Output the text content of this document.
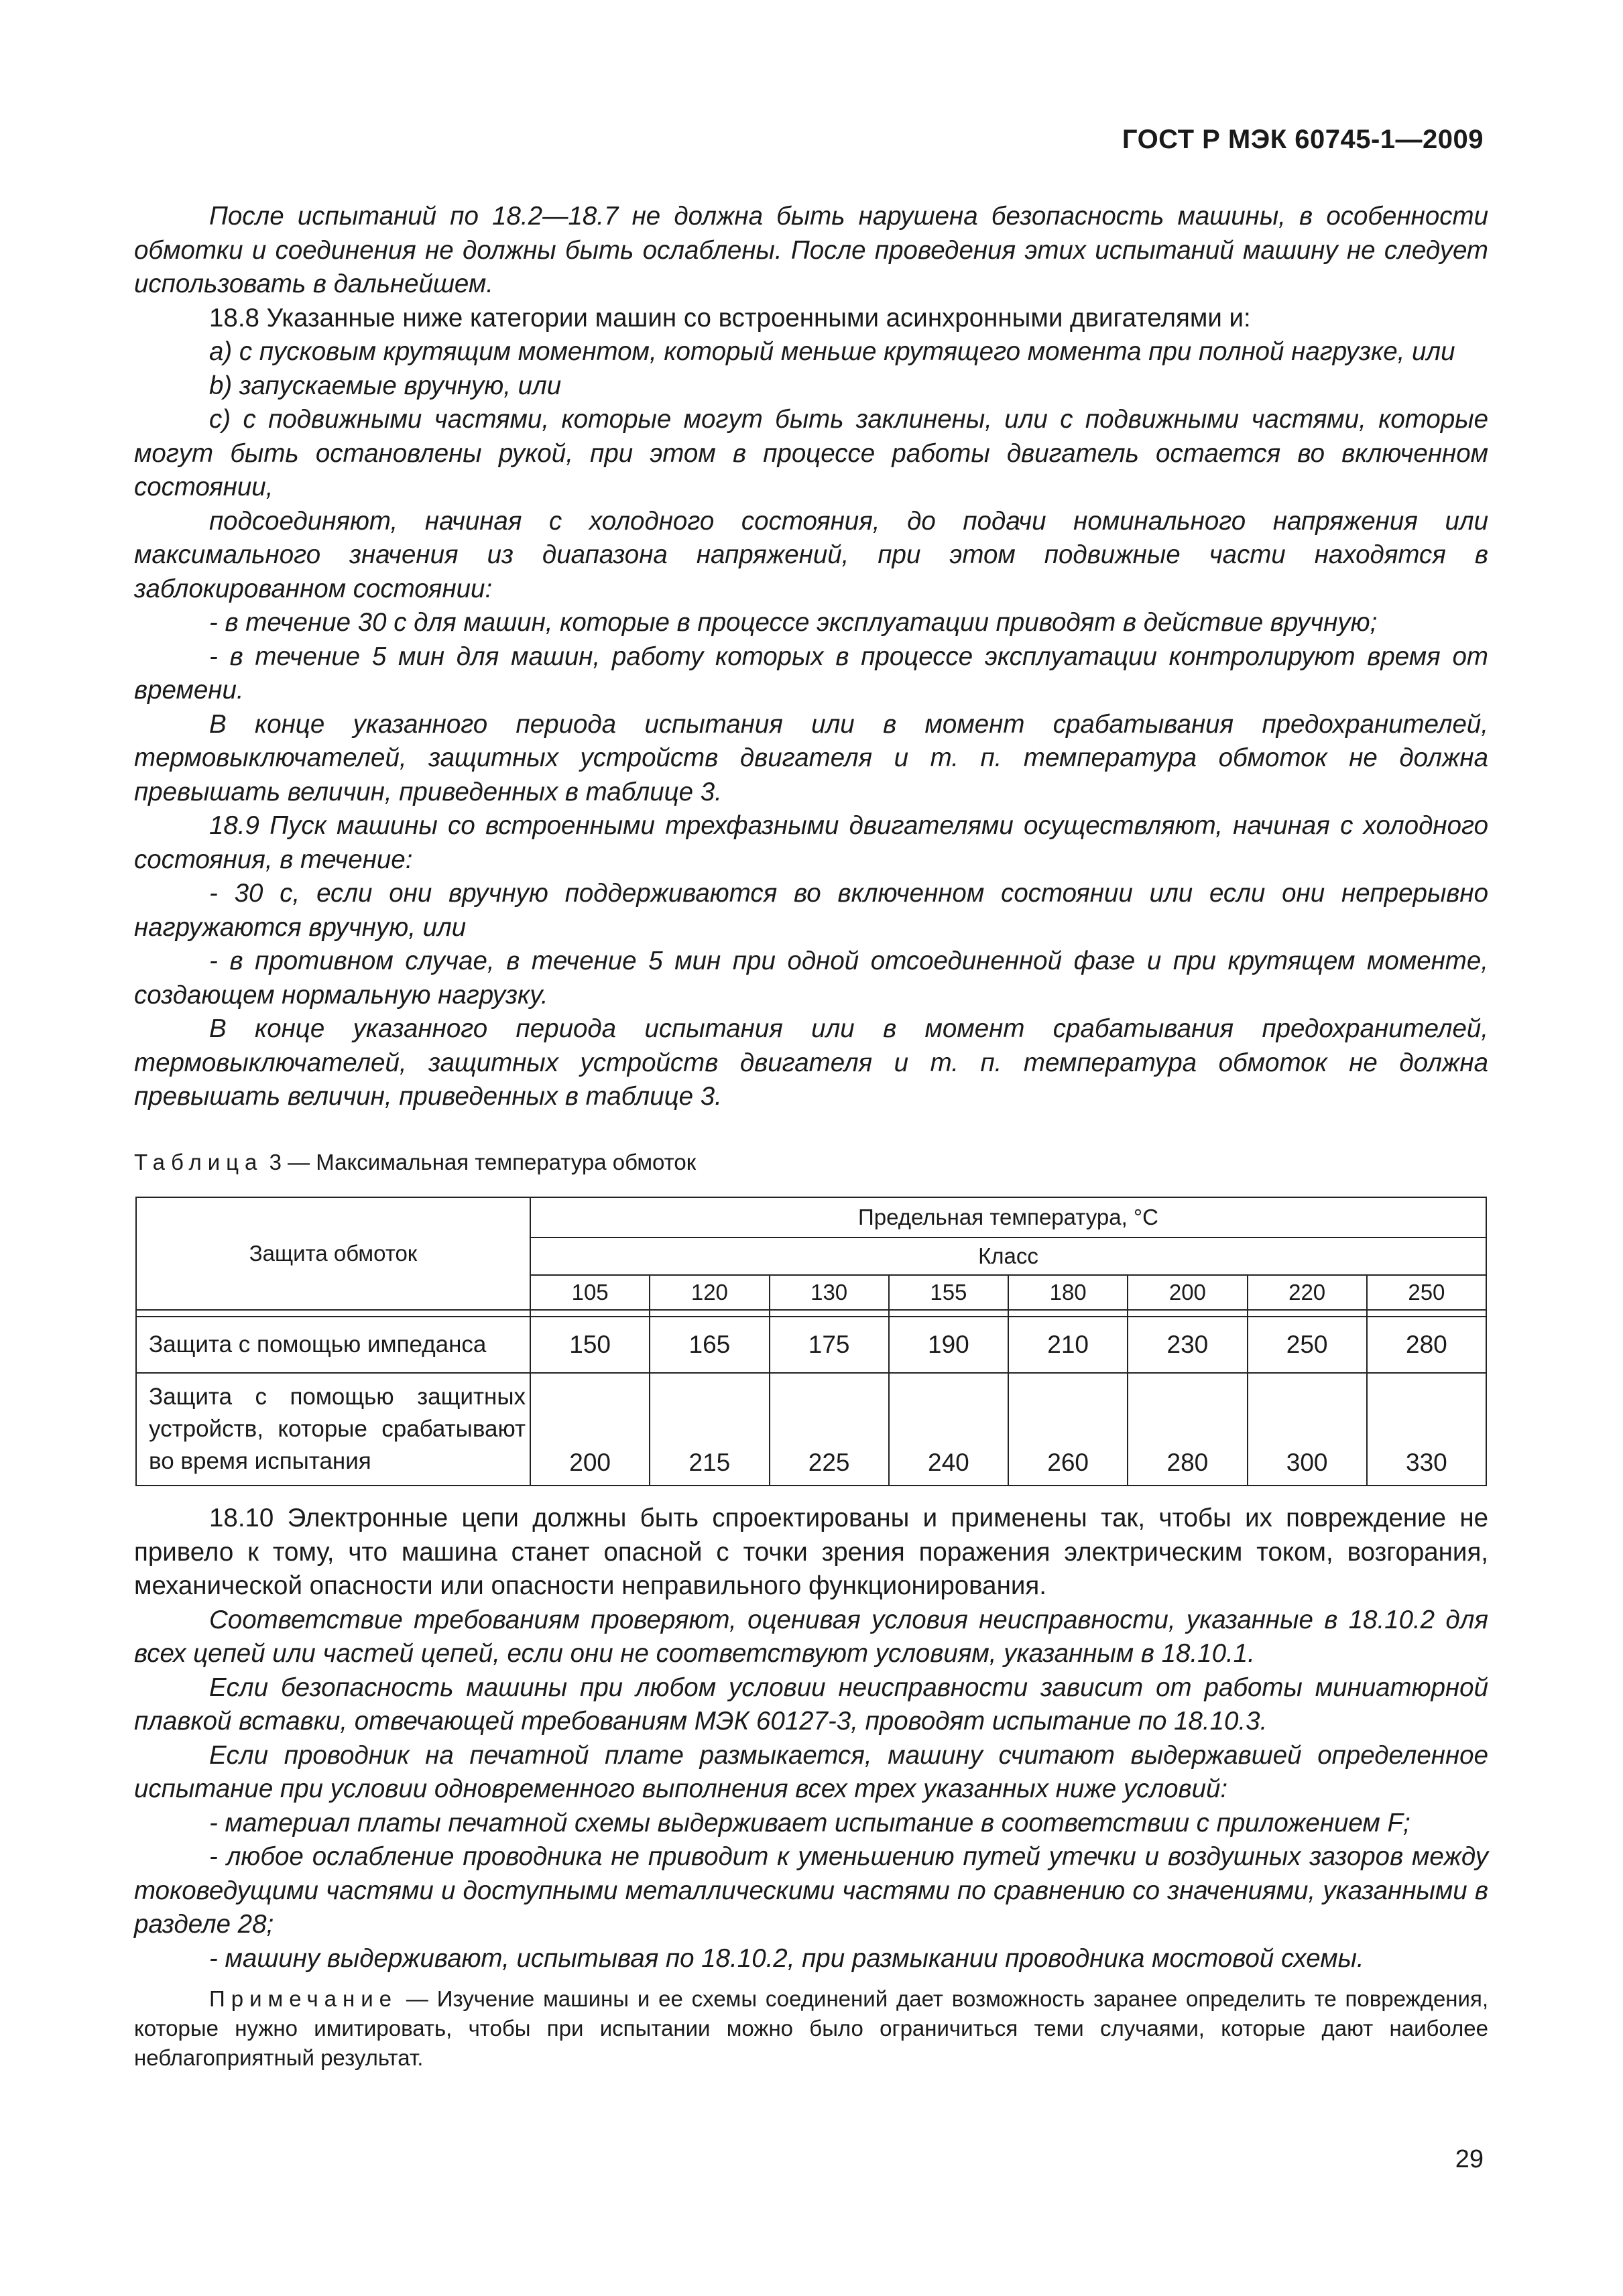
ГОСТ Р МЭК 60745-1—2009

После испытаний по 18.2—18.7 не должна быть нарушена безопасность машины, в особенности обмотки и соединения не должны быть ослаблены. После проведения этих испытаний машину не следует использовать в дальнейшем.

18.8 Указанные ниже категории машин со встроенными асинхронными двигателями и:

a) с пусковым крутящим моментом, который меньше крутящего момента при полной нагрузке, или

b) запускаемые вручную, или

c) с подвижными частями, которые могут быть заклинены, или с подвижными частями, которые могут быть остановлены рукой, при этом в процессе работы двигатель остается во включенном состоянии,

подсоединяют, начиная с холодного состояния, до подачи номинального напряжения или максимального значения из диапазона напряжений, при этом подвижные части находятся в заблокированном состоянии:

- в течение 30 с для машин, которые в процессе эксплуатации приводят в действие вручную;

- в течение 5 мин для машин, работу которых в процессе эксплуатации контролируют время от времени.

В конце указанного периода испытания или в момент срабатывания предохранителей, термовыключателей, защитных устройств двигателя и т. п. температура обмоток не должна превышать величин, приведенных в таблице 3.

18.9 Пуск машины со встроенными трехфазными двигателями осуществляют, начиная с холодного состояния, в течение:

- 30 с, если они вручную поддерживаются во включенном состоянии или если они непрерывно нагружаются вручную, или

- в противном случае, в течение 5 мин при одной отсоединенной фазе и при крутящем моменте, создающем нормальную нагрузку.

В конце указанного периода испытания или в момент срабатывания предохранителей, термовыключателей, защитных устройств двигателя и т. п. температура обмоток не должна превышать величин, приведенных в таблице 3.

Таблица 3 — Максимальная температура обмоток
Защита обмоток	Предельная температура, °С							
	Класс							
	105	120	130	155	180	200	220	250

Защита с помощью импеданса	150	165	175	190	210	230	250	280
Защита с помощью защитных устройств, которые срабатывают во время испытания	200	215	225	240	260	280	300	330

18.10 Электронные цепи должны быть спроектированы и применены так, чтобы их повреждение не привело к тому, что машина станет опасной с точки зрения поражения электрическим током, возгорания, механической опасности или опасности неправильного функционирования.

Соответствие требованиям проверяют, оценивая условия неисправности, указанные в 18.10.2 для всех цепей или частей цепей, если они не соответствуют условиям, указанным в 18.10.1.

Если безопасность машины при любом условии неисправности зависит от работы миниатюрной плавкой вставки, отвечающей требованиям МЭК 60127-3, проводят испытание по 18.10.3.

Если проводник на печатной плате размыкается, машину считают выдержавшей определенное испытание при условии одновременного выполнения всех трех указанных ниже условий:

- материал платы печатной схемы выдерживает испытание в соответствии с приложением F;

- любое ослабление проводника не приводит к уменьшению путей утечки и воздушных зазоров между токоведущими частями и доступными металлическими частями по сравнению со значениями, указанными в разделе 28;

- машину выдерживают, испытывая по 18.10.2, при размыкании проводника мостовой схемы.

Примечание — Изучение машины и ее схемы соединений дает возможность заранее определить те повреждения, которые нужно имитировать, чтобы при испытании можно было ограничиться теми случаями, которые дают наиболее неблагоприятный результат.

29
